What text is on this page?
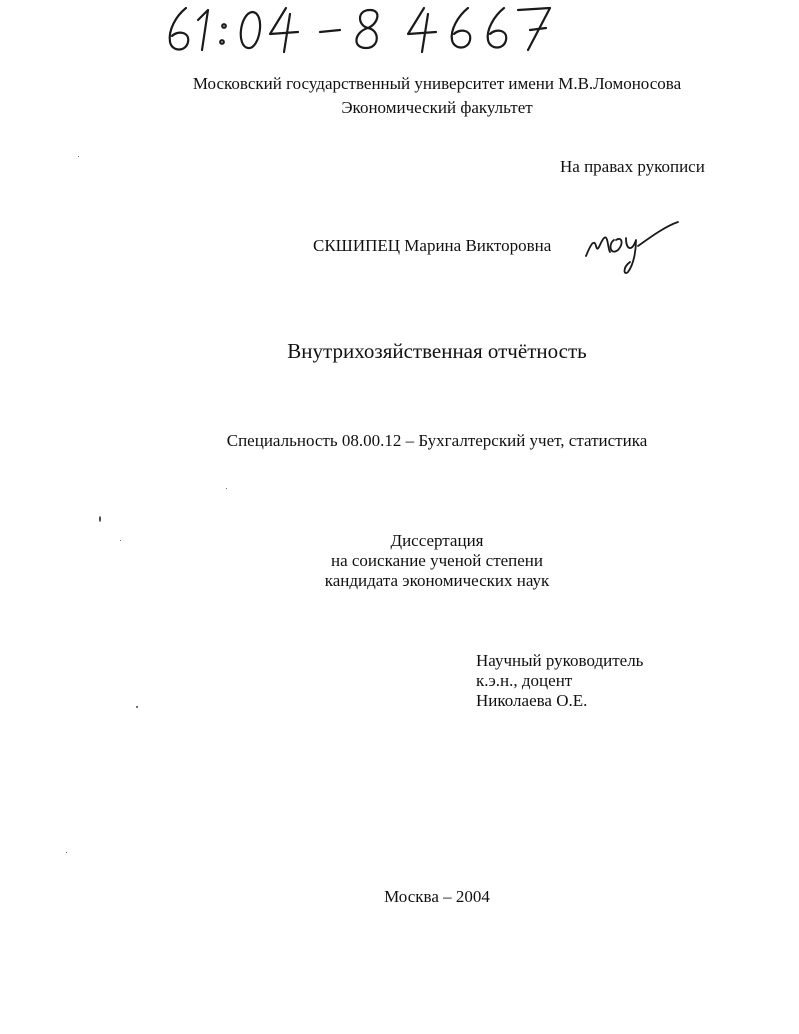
Московский государственный университет имени М.В.Ломоносова
Экономический факультет
На правах рукописи
СКШИПЕЦ Марина Викторовна
Внутрихозяйственная отчётность
Специальность 08.00.12 – Бухгалтерский учет, статистика
Диссертация
на соискание ученой степени
кандидата экономических наук
Научный руководитель
к.э.н., доцент
Николаева О.Е.
Москва – 2004
